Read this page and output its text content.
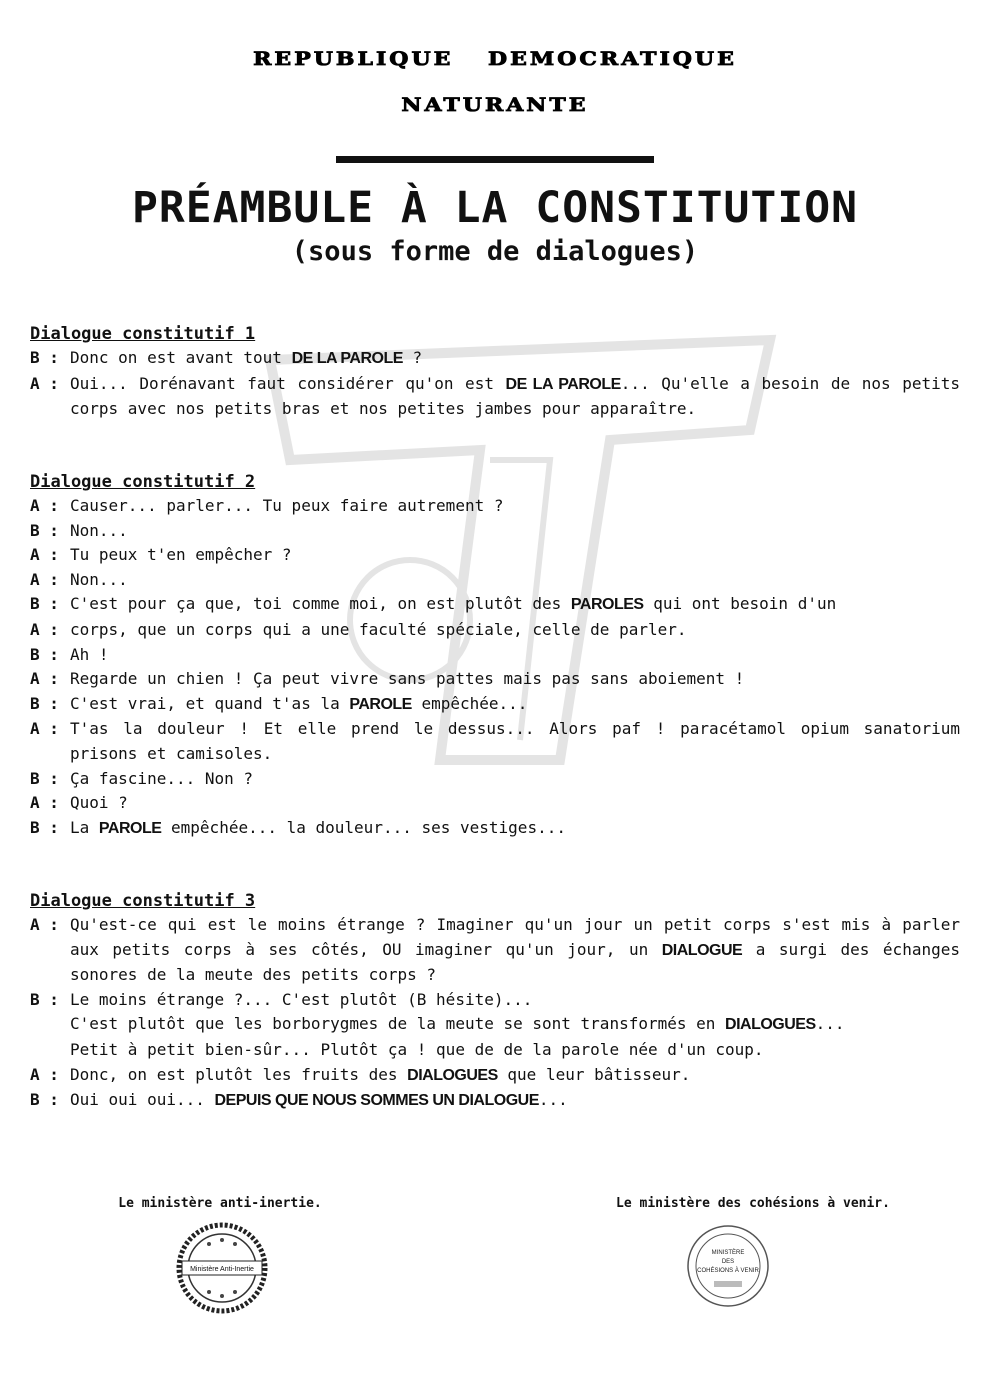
REPUBLIQUE DEMOCRATIQUE
NATURANTE
PRÉAMBULE À LA CONSTITUTION
(sous forme de dialogues)
Dialogue constitutif 1
B : Donc on est avant tout DE LA PAROLE ?
A : Oui... Dorénavant faut considérer qu'on est DE LA PAROLE... Qu'elle a besoin de nos petits corps avec nos petits bras et nos petites jambes pour apparaître.
Dialogue constitutif 2
A : Causer... parler... Tu peux faire autrement ?
B : Non...
A : Tu peux t'en empêcher ?
A : Non...
B : C'est pour ça que, toi comme moi, on est plutôt des PAROLES qui ont besoin d'un
A : corps, que un corps qui a une faculté spéciale, celle de parler.
B : Ah !
A : Regarde un chien ! Ça peut vivre sans pattes mais pas sans aboiement !
B : C'est vrai, et quand t'as la PAROLE empêchée...
A : T'as la douleur ! Et elle prend le dessus... Alors paf ! paracétamol opium sanatorium prisons et camisoles.
B : Ça fascine... Non ?
A : Quoi ?
B : La PAROLE empêchée... la douleur... ses vestiges...
Dialogue constitutif 3
A : Qu'est-ce qui est le moins étrange ? Imaginer qu'un jour un petit corps s'est mis à parler aux petits corps à ses côtés, OU imaginer qu'un jour, un DIALOGUE a surgi des échanges sonores de la meute des petits corps ?
B : Le moins étrange ?... C'est plutôt (B hésite)...
C'est plutôt que les borborygmes de la meute se sont transformés en DIALOGUES...
Petit à petit bien-sûr... Plutôt ça ! que de de la parole née d'un coup.
A : Donc, on est plutôt les fruits des DIALOGUES que leur bâtisseur.
B : Oui oui oui... DEPUIS QUE NOUS SOMMES UN DIALOGUE...
Le ministère anti-inertie.	Le ministère des cohésions à venir.
Ministère Anti-Inertie
MINISTÈRE
DES
COHÉSIONS À VENIR
